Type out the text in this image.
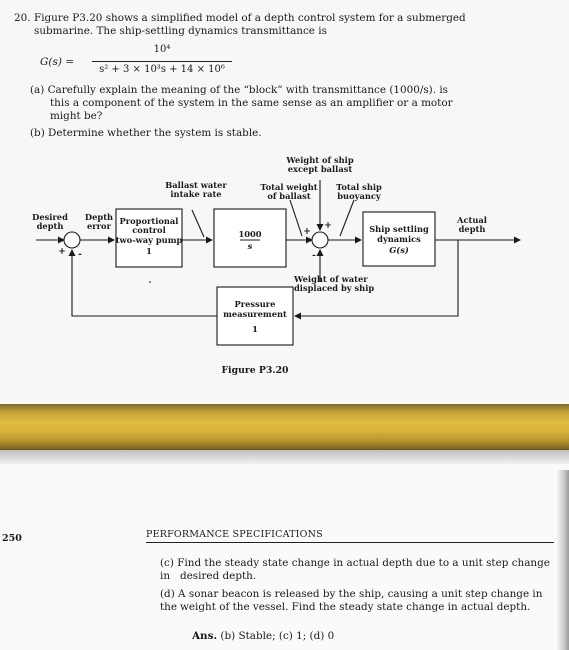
20. Figure P3.20 shows a simplified model of a depth control system for a submerged
submarine. The ship-settling dynamics transmittance is
G(s) =
10⁴
s² + 3 × 10³s + 14 × 10⁶
(a) Carefully explain the meaning of the “block” with transmittance (1000/s). is
this a component of the system in the same sense as an amplifier or a motor
might be?
(b) Determine whether the system is stable.
Weight of ship
except ballast
Ballast water
intake rate
Total weight
of ballast
Total ship
buoyancy
Desired
depth
Depth
error Proportional
control
two-way pump
1
1000
s
Ship settling
dynamics
G(s)
Actual
depth
Pressure
measurement
1
Figure P3.20
Weight of water
displaced by ship
+ -
+
+
-
250	PERFORMANCE SPECIFICATIONS
(c) Find the steady state change in actual depth due to a unit step change in desired depth.
(d) A sonar beacon is released by the ship, causing a unit step change in the weight of the vessel. Find the steady state change in actual depth.
Ans. (b) Stable; (c) 1; (d) 0
